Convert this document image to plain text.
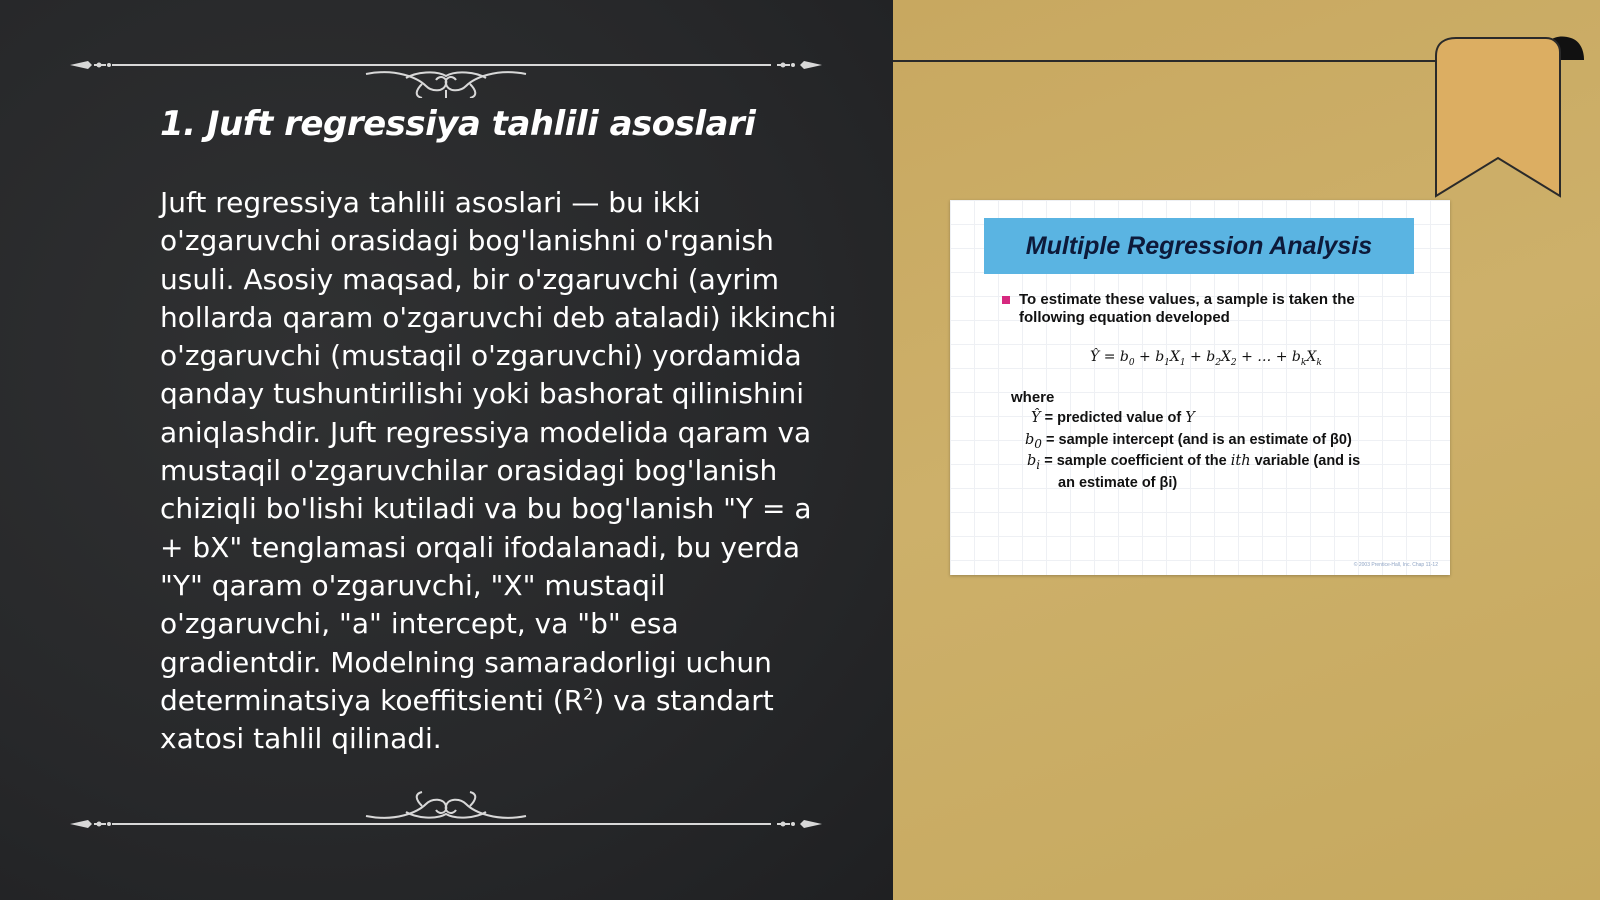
1. Juft regressiya tahlili asoslari

Juft regressiya tahlili asoslari — bu ikki o'zgaruvchi orasidagi bog'lanishni o'rganish usuli. Asosiy maqsad, bir o'zgaruvchi (ayrim hollarda qaram o'zgaruvchi deb ataladi) ikkinchi o'zgaruvchi (mustaqil o'zgaruvchi) yordamida qanday tushuntirilishi yoki bashorat qilinishini aniqlashdir. Juft regressiya modelida qaram va mustaqil o'zgaruvchilar orasidagi bog'lanish chiziqli bo'lishi kutiladi va bu bog'lanish "Y = a + bX" tenglamasi orqali ifodalanadi, bu yerda "Y" qaram o'zgaruvchi, "X" mustaqil o'zgaruvchi, "a" intercept, va "b" esa gradientdir. Modelning samaradorligi uchun determinatsiya koeffitsienti $(R^2)$ va standart xatosi tahlil qilinadi.

Multiple Regression Analysis

To estimate these values, a sample is taken the following equation developed

Ŷ = $b_0 + b_1X_1 + b_2X_2$ + … + $b_kX_k$

where

Ŷ = predicted value of Y

$b_0$ = sample intercept (and is an estimate of β0)

$b_i$ = sample coefficient of the ith variable (and is
an estimate of βi)

© 2003 Prentice-Hall, Inc. Chap 11-12
